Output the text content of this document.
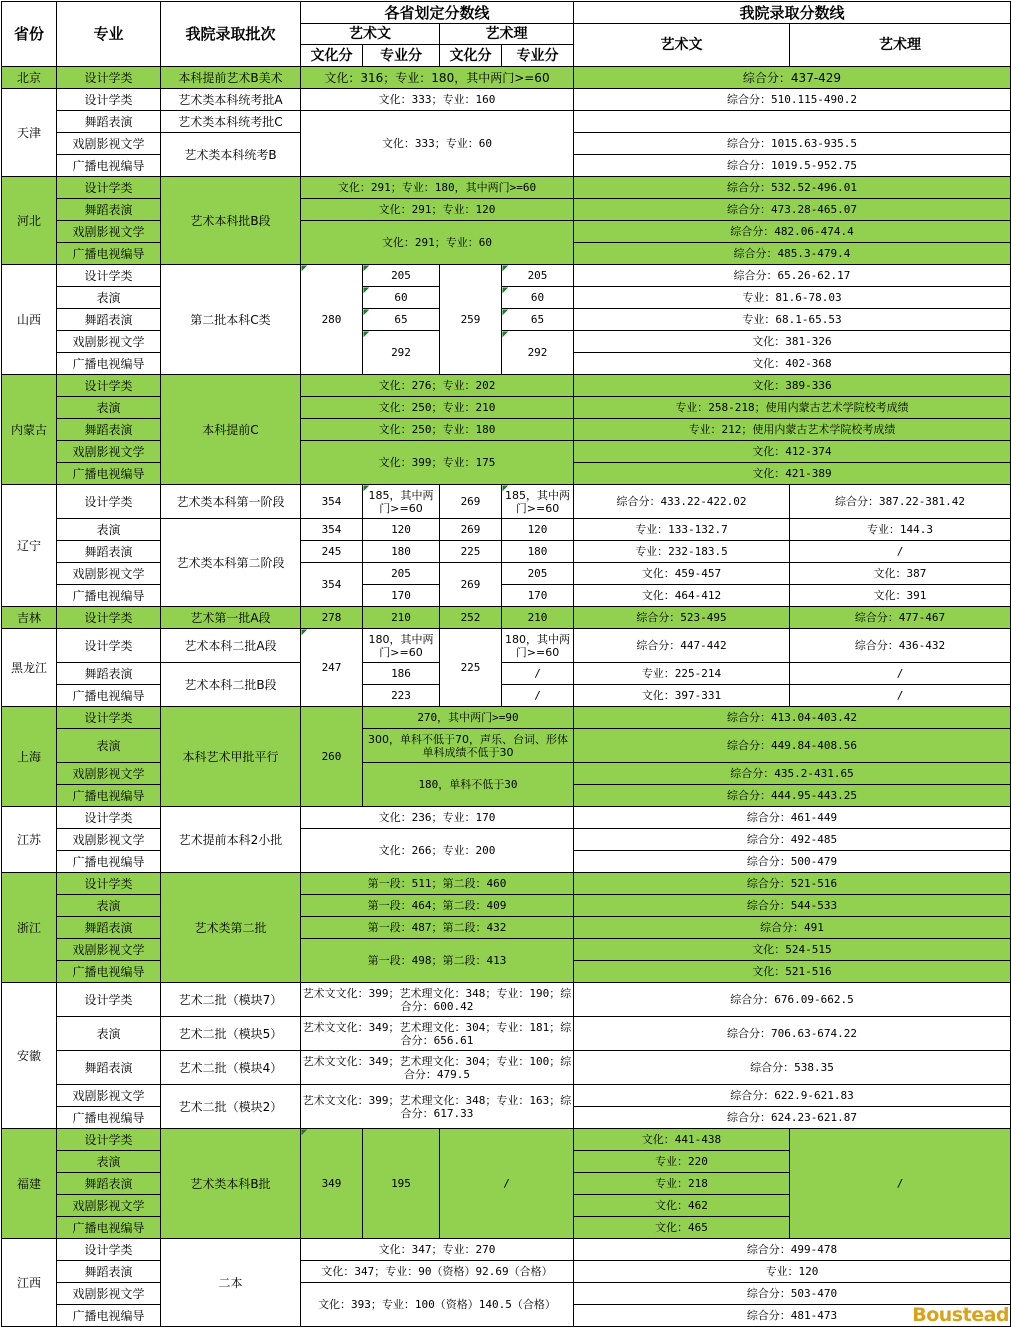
省份	专业	我院录取批次	各省划定分数线				我院录取分数线	
			艺术文		艺术理		艺术文	艺术理
			文化分	专业分	文化分	专业分		
北京	设计学类	本科提前艺术B美术	文化：316；专业：180，其中两门>=60				综合分：437-429	
天津	设计学类	艺术类本科统考批A	文化：333；专业：160				综合分：510.115-490.2	
	舞蹈表演	艺术类本科统考批C	文化：333；专业：60					
	戏剧影视文学	艺术类本科统考B					综合分：1015.63-935.5	
	广播电视编导						综合分：1019.5-952.75	
河北	设计学类	艺术本科批B段	文化：291；专业：180，其中两门>=60				综合分：532.52-496.01	
	舞蹈表演		文化：291；专业：120				综合分：473.28-465.07	
	戏剧影视文学		文化：291；专业：60				综合分：482.06-474.4	
	广播电视编导						综合分：485.3-479.4	
山西	设计学类	第二批本科C类	280	205	259	205	综合分：65.26-62.17	
	表演			60		60	专业：81.6-78.03	
	舞蹈表演			65		65	专业：68.1-65.53	
	戏剧影视文学			292		292	文化：381-326	
	广播电视编导						文化：402-368	
内蒙古	设计学类	本科提前C	文化：276；专业：202				文化：389-336	
	表演		文化：250；专业：210				专业：258-218；使用内蒙古艺术学院校考成绩	
	舞蹈表演		文化：250；专业：180				专业：212；使用内蒙古艺术学院校考成绩	
	戏剧影视文学		文化：399；专业：175				文化：412-374	
	广播电视编导						文化：421-389	
辽宁	设计学类	艺术类本科第一阶段	354	185，其中两门>=60	269	185，其中两门>=60	综合分：433.22-422.02	综合分：387.22-381.42
	表演	艺术类本科第二阶段	354	120	269	120	专业：133-132.7	专业：144.3
	舞蹈表演		245	180	225	180	专业：232-183.5	/
	戏剧影视文学		354	205	269	205	文化：459-457	文化：387
	广播电视编导			170		170	文化：464-412	文化：391
吉林	设计学类	艺术第一批A段	278	210	252	210	综合分：523-495	综合分：477-467
黑龙江	设计学类	艺术本科二批A段	247	180，其中两门>=60	225	180，其中两门>=60	综合分：447-442	综合分：436-432
	舞蹈表演	艺术本科二批B段		186		/	专业：225-214	/
	广播电视编导			223		/	文化：397-331	/
上海	设计学类	本科艺术甲批平行	260	270，其中两门>=90			综合分：413.04-403.42	
	表演			300，单科不低于70，声乐、台词、形体单科成绩不低于30			综合分：449.84-408.56	
	戏剧影视文学			180，单科不低于30			综合分：435.2-431.65	
	广播电视编导						综合分：444.95-443.25	
江苏	设计学类	艺术提前本科2小批	文化：236；专业：170				综合分：461-449	
	戏剧影视文学		文化：266；专业：200				综合分：492-485	
	广播电视编导						综合分：500-479	
浙江	设计学类	艺术类第二批	第一段：511；第二段：460				综合分：521-516	
	表演		第一段：464；第二段：409				综合分：544-533	
	舞蹈表演		第一段：487；第二段：432				综合分：491	
	戏剧影视文学		第一段：498；第二段：413				文化：524-515	
	广播电视编导						文化：521-516	
安徽	设计学类	艺术二批（模块7）	艺术文文化：399；艺术理文化：348；专业：190；综合分：600.42				综合分：676.09-662.5	
	表演	艺术二批（模块5）	艺术文文化：349；艺术理文化：304；专业：181；综合分：656.61				综合分：706.63-674.22	
	舞蹈表演	艺术二批（模块4）	艺术文文化：349；艺术理文化：304；专业：100；综合分：479.5				综合分：538.35	
	戏剧影视文学	艺术二批（模块2）	艺术文文化：399；艺术理文化：348；专业：163；综合分：617.33				综合分：622.9-621.83	
	广播电视编导						综合分：624.23-621.87	
福建	设计学类	艺术类本科B批	349	195	/		文化：441-438	/
	表演						专业：220	
	舞蹈表演						专业：218	
	戏剧影视文学						文化：462	
	广播电视编导						文化：465	
江西	设计学类	二本	文化：347；专业：270				综合分：499-478	
	舞蹈表演		文化：347；专业：90（资格）92.69（合格）				专业：120	
	戏剧影视文学		文化：393；专业：100（资格）140.5（合格）				综合分：503-470	
	广播电视编导						综合分：481-473		Boustead
